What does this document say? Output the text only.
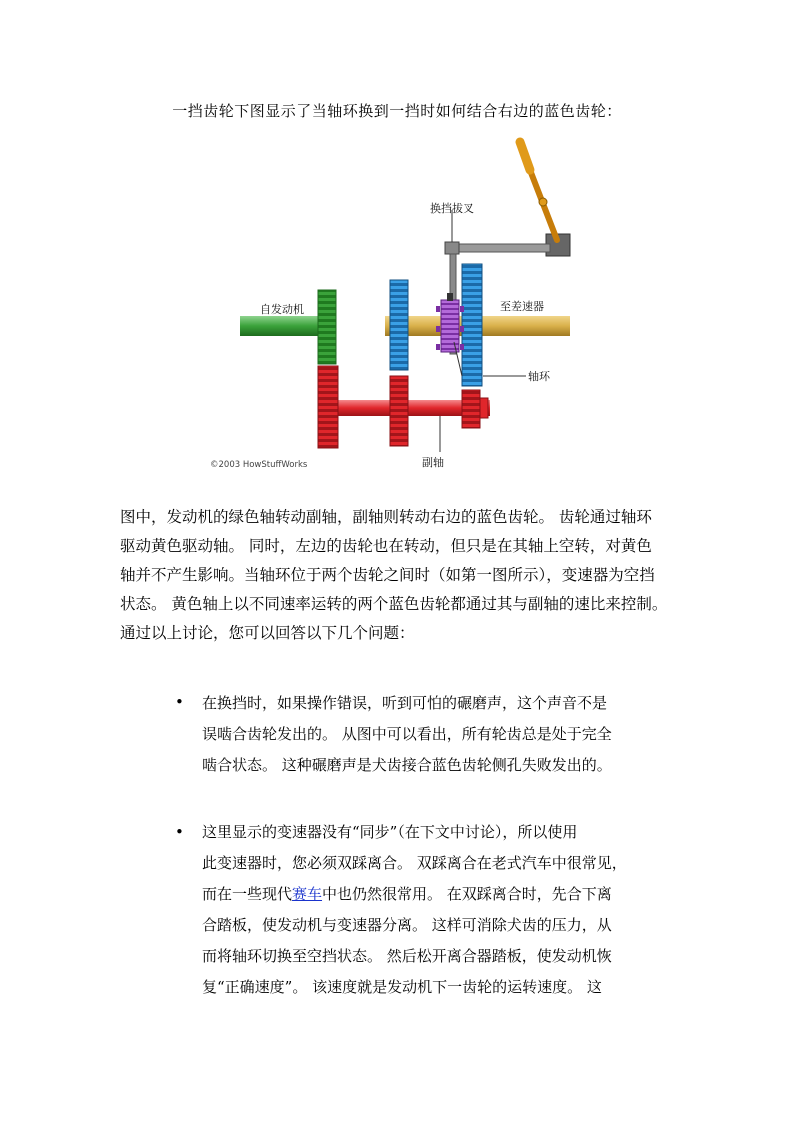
一挡齿轮下图显示了当轴环换到一挡时如何结合右边的蓝色齿轮：
换挡拔叉
自发动机	至差速器
轴环
副轴
©2003 HowStuffWorks
图中，发动机的绿色轴转动副轴，副轴则转动右边的蓝色齿轮。 齿轮通过轴环
驱动黄色驱动轴。 同时，左边的齿轮也在转动，但只是在其轴上空转，对黄色
轴并不产生影响。当轴环位于两个齿轮之间时（如第一图所示），变速器为空挡
状态。 黄色轴上以不同速率运转的两个蓝色齿轮都通过其与副轴的速比来控制。
通过以上讨论，您可以回答以下几个问题：
• 在换挡时，如果操作错误，听到可怕的碾磨声，这个声音不是
误啮合齿轮发出的。 从图中可以看出，所有轮齿总是处于完全
啮合状态。 这种碾磨声是犬齿接合蓝色齿轮侧孔失败发出的。
• 这里显示的变速器没有“同步”（在下文中讨论），所以使用
此变速器时，您必须双踩离合。 双踩离合在老式汽车中很常见，
而在一些现代赛车中也仍然很常用。 在双踩离合时，先合下离
合踏板，使发动机与变速器分离。 这样可消除犬齿的压力，从
而将轴环切换至空挡状态。 然后松开离合器踏板，使发动机恢
复“正确速度”。 该速度就是发动机下一齿轮的运转速度。 这
